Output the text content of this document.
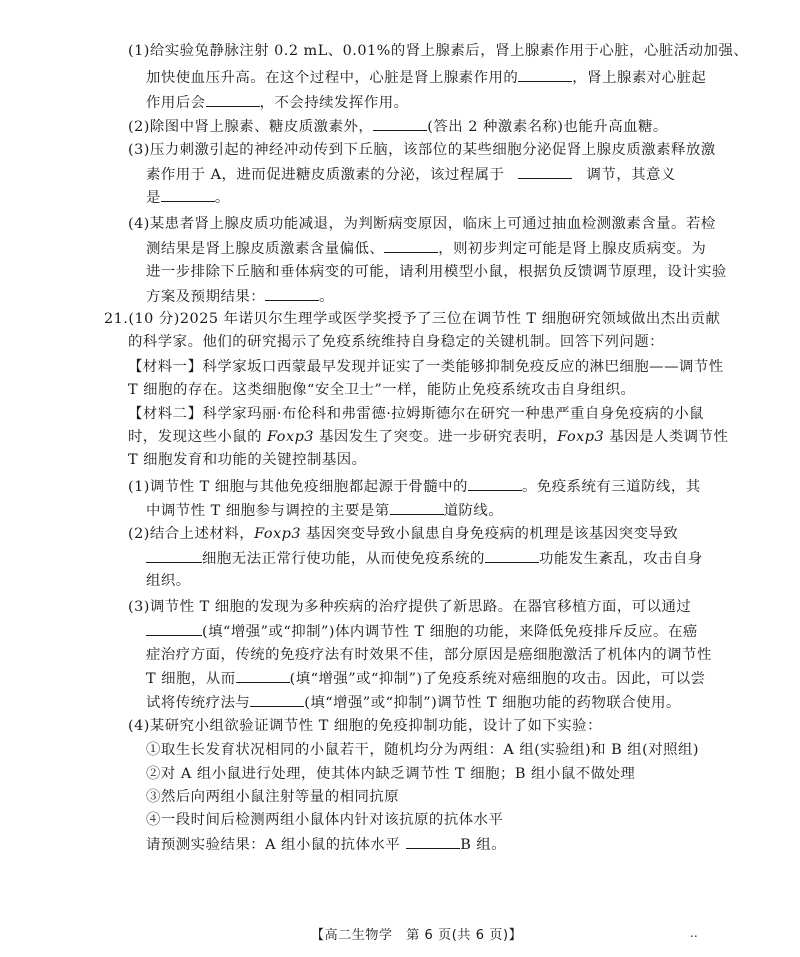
(1)给实验兔静脉注射 0.2 mL、0.01%的肾上腺素后，肾上腺素作用于心脏，心脏活动加强、
加快使血压升高。在这个过程中，心脏是肾上腺素作用的	，肾上腺素对心脏起
作用后会	，不会持续发挥作用。
(2)除图中肾上腺素、糖皮质激素外，	(答出 2 种激素名称)也能升高血糖。
(3)压力刺激引起的神经冲动传到下丘脑，该部位的某些细胞分泌促肾上腺皮质激素释放激
素作用于 A，进而促进糖皮质激素的分泌，该过程属于	调节，其意义
是	。
(4)某患者肾上腺皮质功能减退，为判断病变原因，临床上可通过抽血检测激素含量。若检
测结果是肾上腺皮质激素含量偏低、	，则初步判定可能是肾上腺皮质病变。为
进一步排除下丘脑和垂体病变的可能，请利用模型小鼠，根据负反馈调节原理，设计实验
方案及预期结果：	。
21.(10 分)2025 年诺贝尔生理学或医学奖授予了三位在调节性 T 细胞研究领域做出杰出贡献
的科学家。他们的研究揭示了免疫系统维持自身稳定的关键机制。回答下列问题：
【材料一】科学家坂口西蒙最早发现并证实了一类能够抑制免疫反应的淋巴细胞——调节性
T 细胞的存在。这类细胞像“安全卫士”一样，能防止免疫系统攻击自身组织。
【材料二】科学家玛丽·布伦科和弗雷德·拉姆斯德尔在研究一种患严重自身免疫病的小鼠
时，发现这些小鼠的 Foxp3 基因发生了突变。进一步研究表明，Foxp3 基因是人类调节性
T 细胞发育和功能的关键控制基因。
(1)调节性 T 细胞与其他免疫细胞都起源于骨髓中的	。免疫系统有三道防线，其
中调节性 T 细胞参与调控的主要是第	道防线。
(2)结合上述材料，Foxp3 基因突变导致小鼠患自身免疫病的机理是该基因突变导致
细胞无法正常行使功能，从而使免疫系统的	功能发生紊乱，攻击自身
组织。
(3)调节性 T 细胞的发现为多种疾病的治疗提供了新思路。在器官移植方面，可以通过
(填“增强”或“抑制”)体内调节性 T 细胞的功能，来降低免疫排斥反应。在癌
症治疗方面，传统的免疫疗法有时效果不佳，部分原因是癌细胞激活了机体内的调节性
T 细胞，从而	(填“增强”或“抑制”)了免疫系统对癌细胞的攻击。因此，可以尝
试将传统疗法与	(填“增强”或“抑制”)调节性 T 细胞功能的药物联合使用。
(4)某研究小组欲验证调节性 T 细胞的免疫抑制功能，设计了如下实验：
①取生长发育状况相同的小鼠若干，随机均分为两组：A 组(实验组)和 B 组(对照组)
②对 A 组小鼠进行处理，使其体内缺乏调节性 T 细胞；B 组小鼠不做处理
③然后向两组小鼠注射等量的相同抗原
④一段时间后检测两组小鼠体内针对该抗原的抗体水平
请预测实验结果：A 组小鼠的抗体水平	B 组。
【高二生物学　第 6 页(共 6 页)】	..
